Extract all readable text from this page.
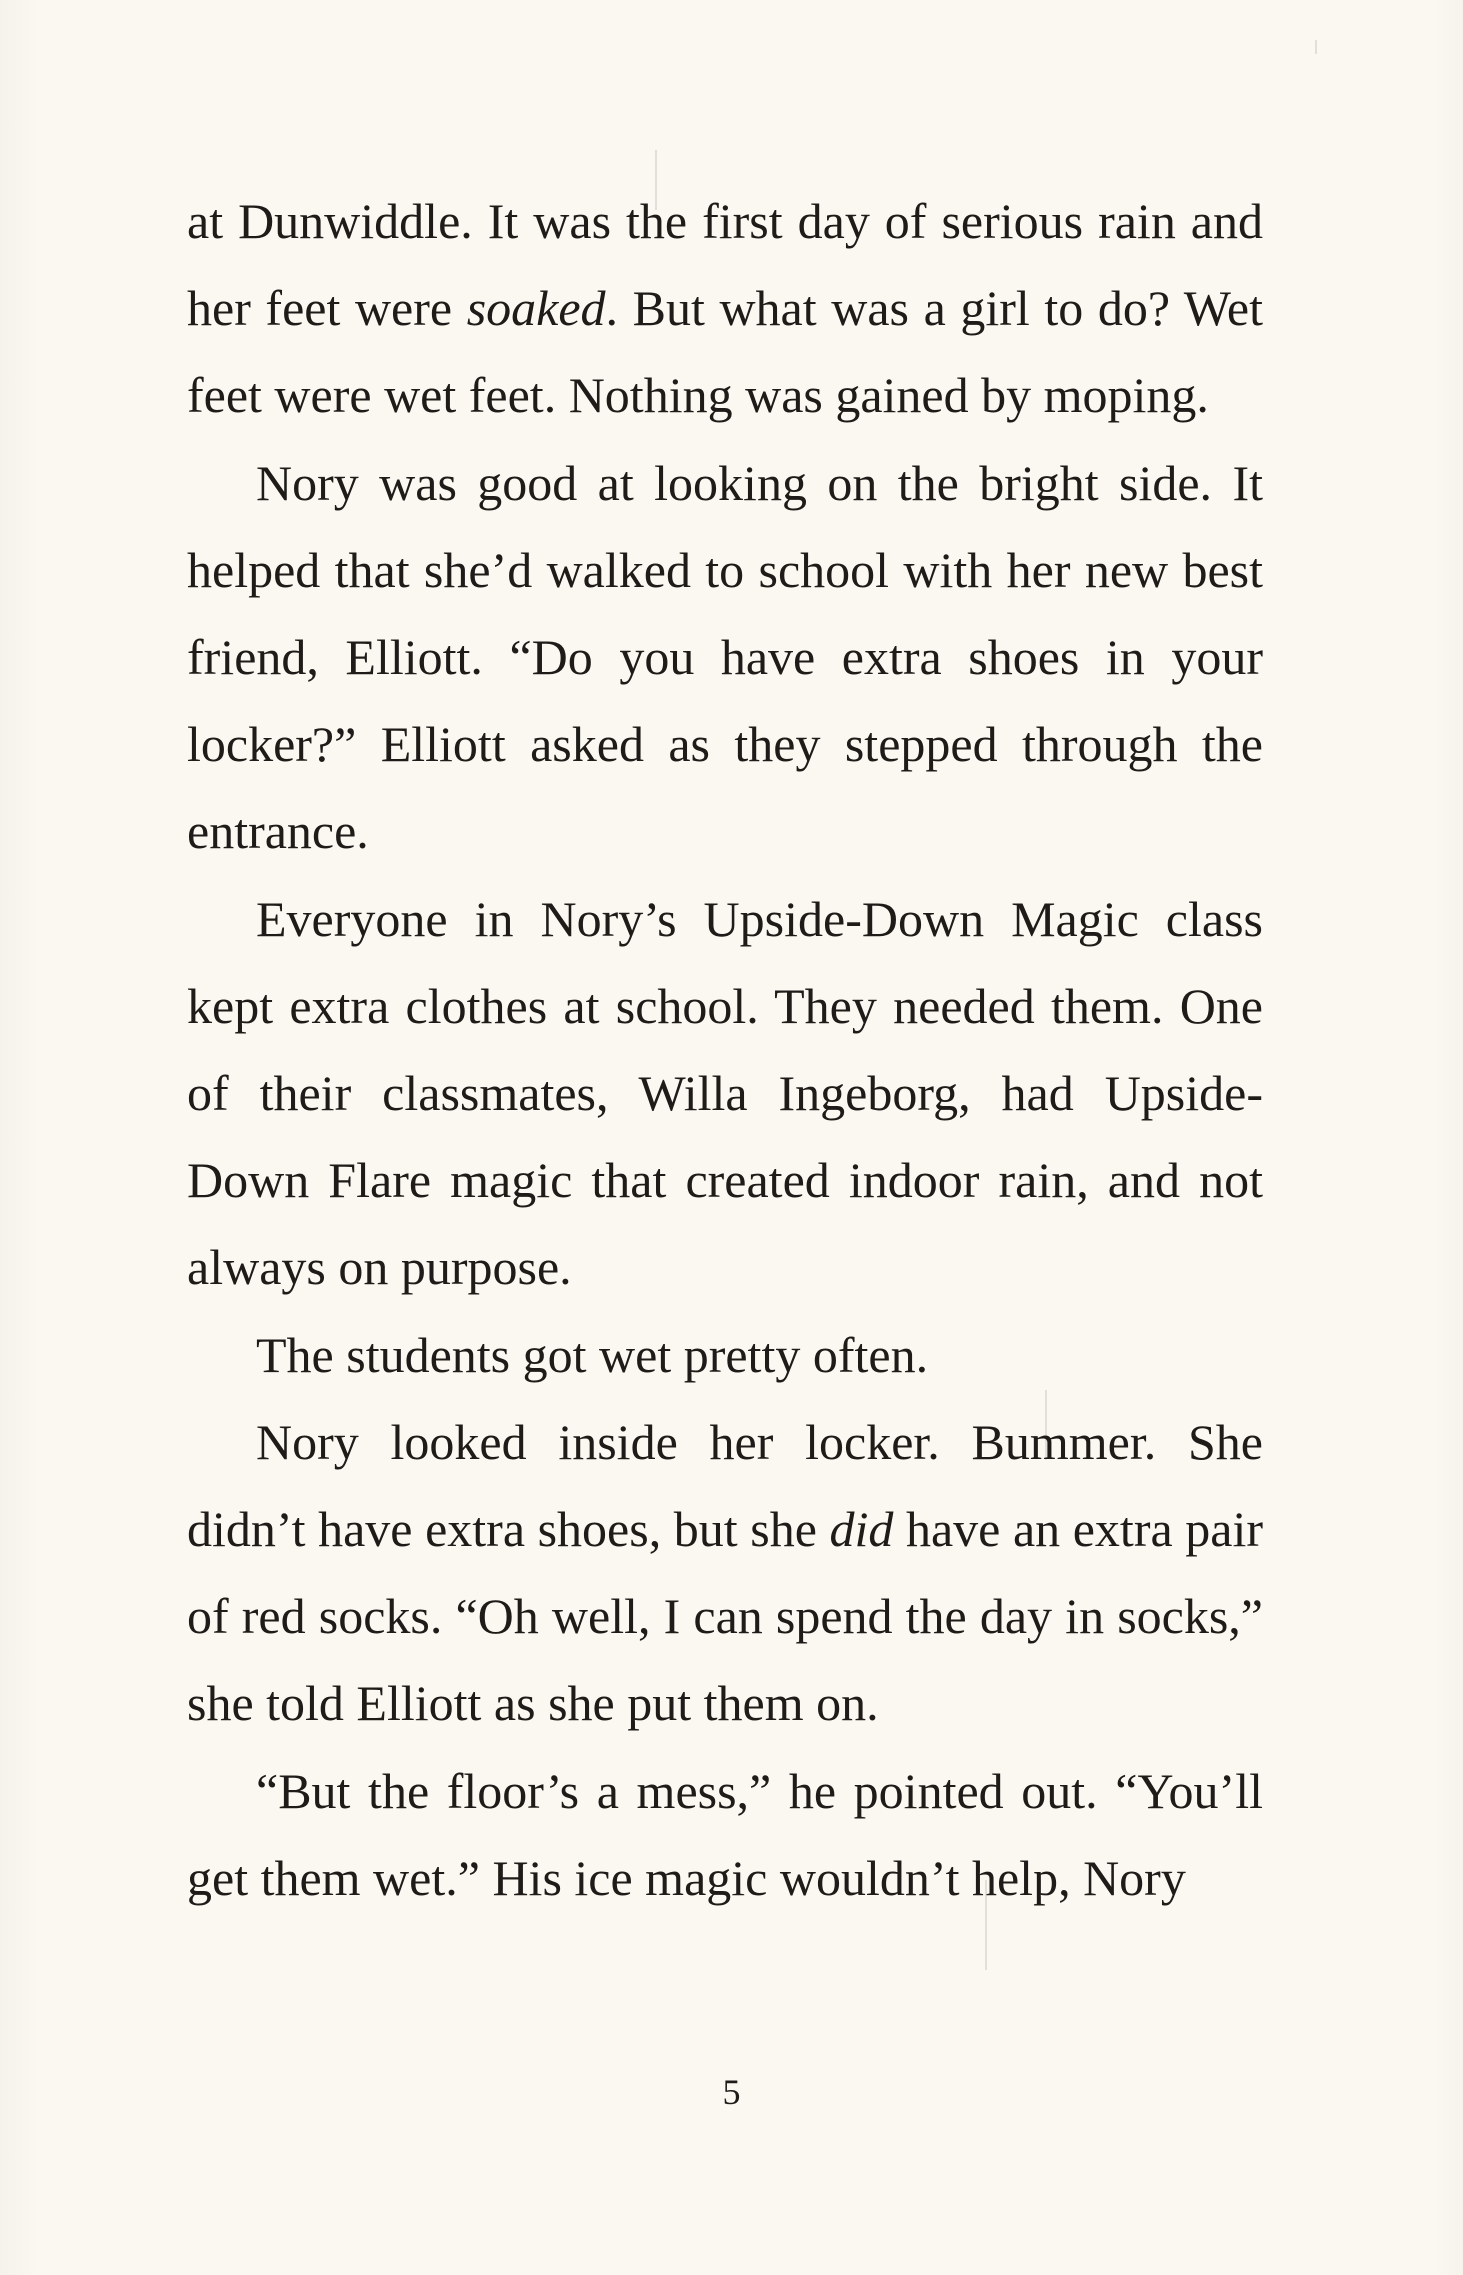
at Dunwiddle. It was the first day of serious rain and her feet were soaked. But what was a girl to do? Wet feet were wet feet. Nothing was gained by moping.

Nory was good at looking on the bright side. It helped that she’d walked to school with her new best friend, Elliott. “Do you have extra shoes in your locker?” Elliott asked as they stepped through the entrance.

Everyone in Nory’s Upside-Down Magic class kept extra clothes at school. They needed them. One of their classmates, Willa Ingeborg, had Upside-Down Flare magic that created indoor rain, and not always on purpose.

The students got wet pretty often.

Nory looked inside her locker. Bummer. She didn’t have extra shoes, but she did have an extra pair of red socks. “Oh well, I can spend the day in socks,” she told Elliott as she put them on.

“But the floor’s a mess,” he pointed out. “You’ll get them wet.” His ice magic wouldn’t help, Nory

5
